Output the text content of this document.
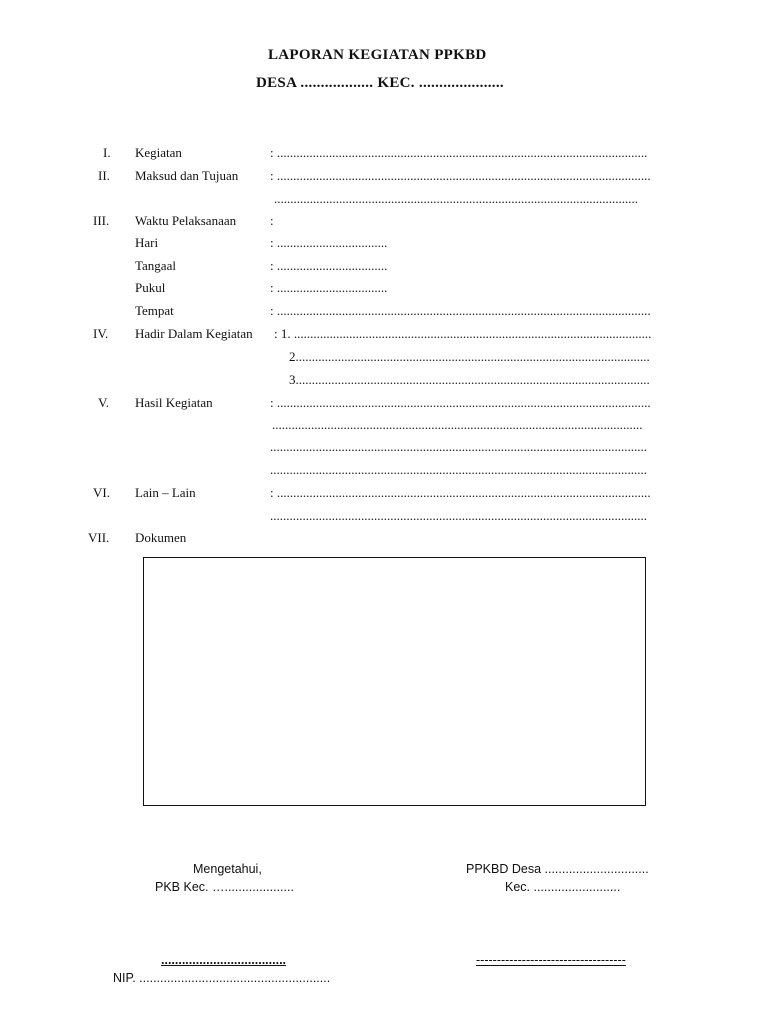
LAPORAN KEGIATAN PPKBD
DESA .................. KEC. .....................
I. Kegiatan	: ..................................................................................................................
II. Maksud dan Tujuan : ...................................................................................................................
................................................................................................................
III. Waktu Pelaksanaan	:
Hari	: ..................................
Tangaal	: ..................................
Pukul	: ..................................
Tempat	: ...................................................................................................................
IV. Hadir Dalam Kegiatan : 1. ..............................................................................................................
2.............................................................................................................
3.............................................................................................................
V. Hasil Kegiatan	: ...................................................................................................................
..................................................................................................................
....................................................................................................................
....................................................................................................................
VI. Lain – Lain	: ...................................................................................................................
....................................................................................................................
VII. Dokumen
Mengetahui,
PKB Kec. …....................
PPKBD Desa ..............................
Kec. .........................
....................................	------------------------------------
NIP. .......................................................
